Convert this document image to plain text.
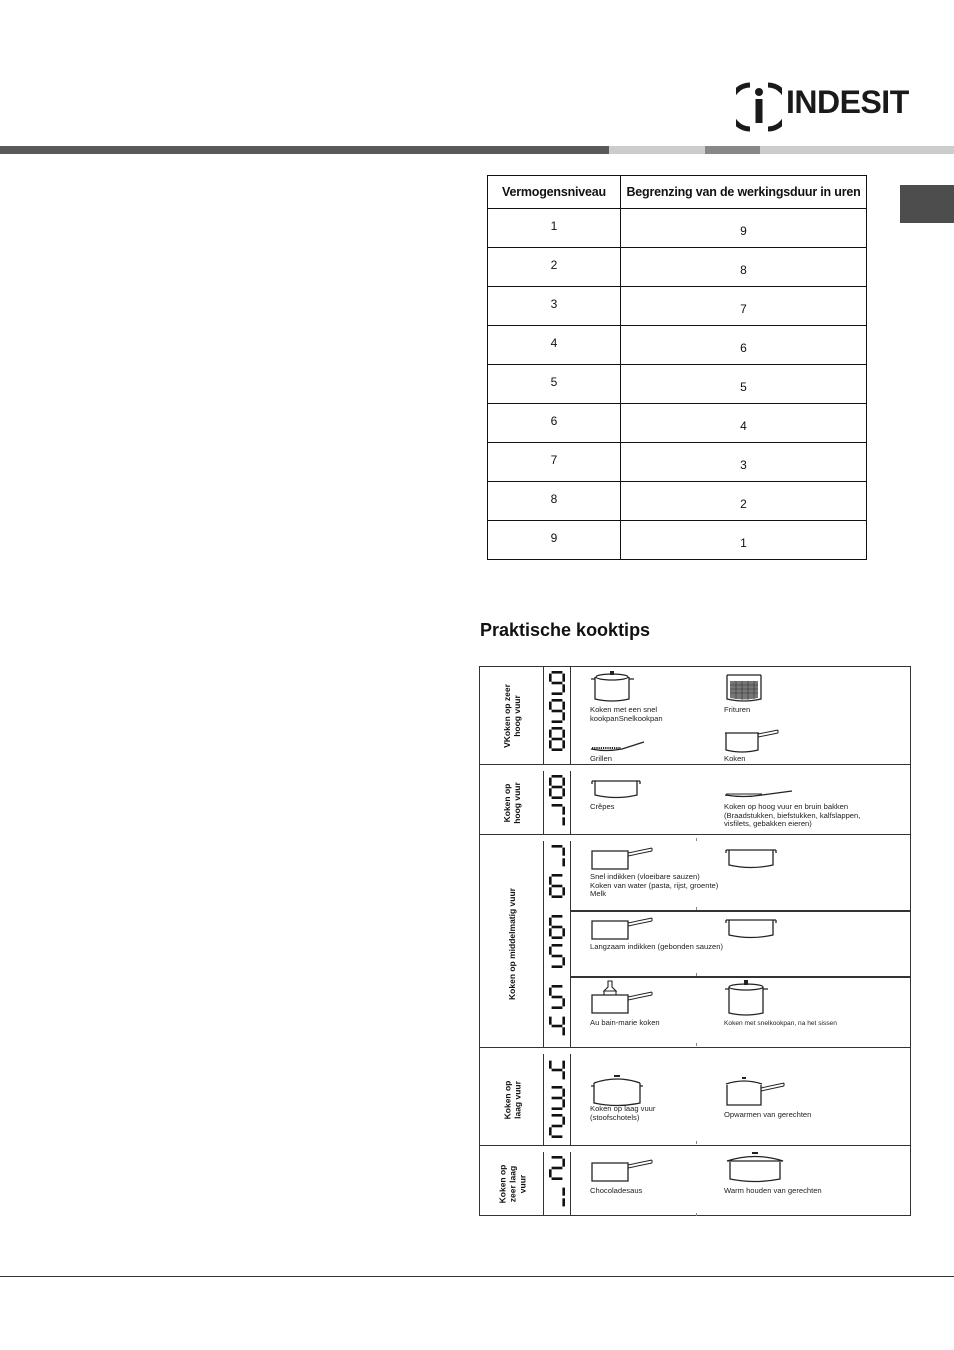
INDESIT
Vermogensniveau	Begrenzing van de werkingsduur in uren
1	9
2	8
3	7
4	6
5	5
6	4
7	3
8	2
9	1
Praktische kooktips
VKoken op zeer
hoog vuur
Koken op
hoog vuur
Koken op middelmatig vuur
Koken op
laag vuur
Koken op
zeer laag
vuur
Koken met een snel
kookpanSnelkookpan
Frituren
Grillen	Koken
Crêpes	Koken op hoog vuur en bruin bakken
(Braadstukken, biefstukken, kalfslappen,
visfilets, gebakken eieren)
Snel indikken (vloeibare sauzen)
Koken van water (pasta, rijst, groente)
Melk
Langzaam indikken (gebonden sauzen)
Au bain-marie koken	Koken met snelkookpan, na het sissen
Koken op laag vuur
(stoofschotels)	Opwarmen van gerechten
Chocoladesaus	Warm houden van gerechten
